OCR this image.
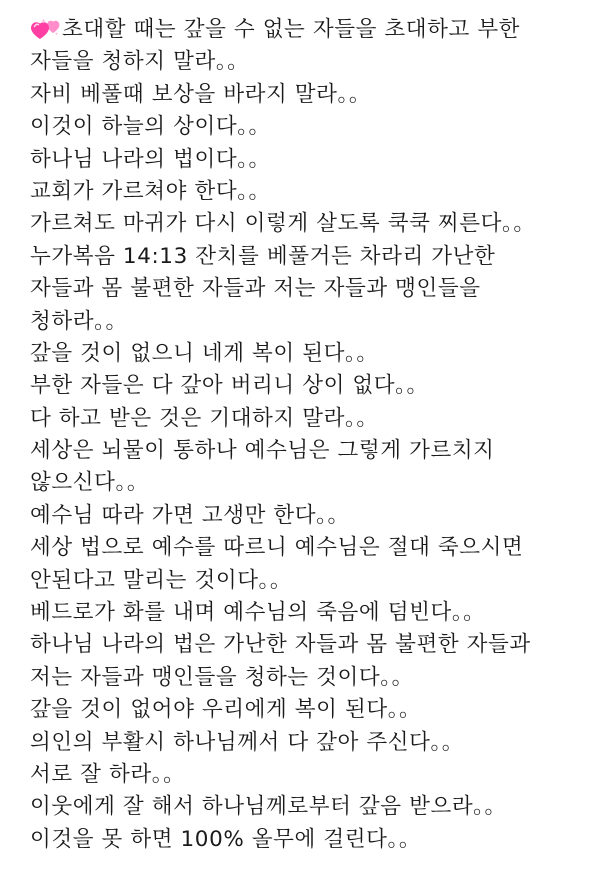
초대할 때는 갚을 수 없는 자들을 초대하고 부한
자들을 청하지 말라。。
자비 베풀때 보상을 바라지 말라。。
이것이 하늘의 상이다。。
하나님 나라의 법이다。。
교회가 가르쳐야 한다。。
가르쳐도 마귀가 다시 이렇게 살도록 쿡쿡 찌른다。。
누가복음 14:13 잔치를 베풀거든 차라리 가난한
자들과 몸 불편한 자들과 저는 자들과 맹인들을
청하라。。
갚을 것이 없으니 네게 복이 된다。。
부한 자들은 다 갚아 버리니 상이 없다。。
다 하고 받은 것은 기대하지 말라。。
세상은 뇌물이 통하나 예수님은 그렇게 가르치지
않으신다。。
예수님 따라 가면 고생만 한다。。
세상 법으로 예수를 따르니 예수님은 절대 죽으시면
안된다고 말리는 것이다。。
베드로가 화를 내며 예수님의 죽음에 덤빈다。。
하나님 나라의 법은 가난한 자들과 몸 불편한 자들과
저는 자들과 맹인들을 청하는 것이다。。
갚을 것이 없어야 우리에게 복이 된다。。
의인의 부활시 하나님께서 다 갚아 주신다。。
서로 잘 하라。。
이웃에게 잘 해서 하나님께로부터 갚음 받으라。。
이것을 못 하면 100% 올무에 걸린다。。
